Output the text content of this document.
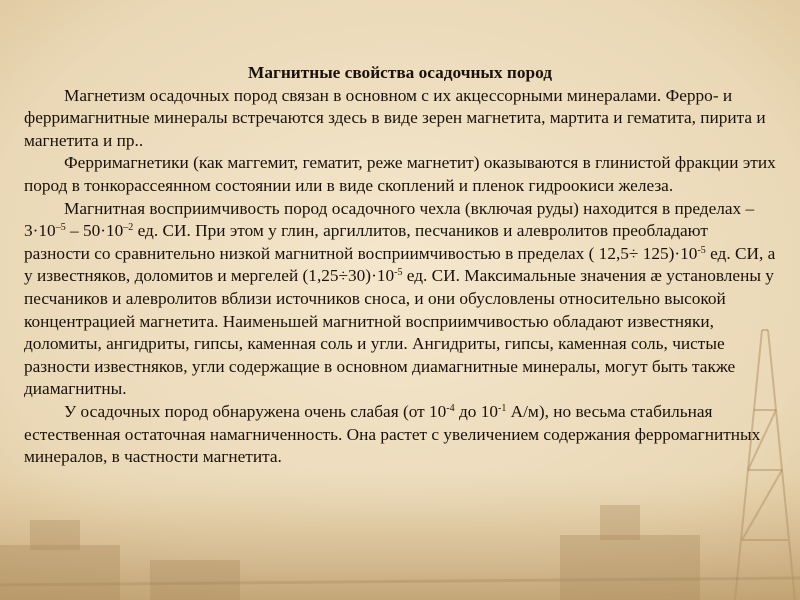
Магнитные свойства осадочных пород
Магнетизм осадочных пород связан в основном с их акцессорными минералами. Ферро- и ферримагнитные минералы встречаются здесь в виде зерен магнетита, мартита и гематита, пирита и магнетита и пр..
Ферримагнетики (как маггемит, гематит, реже магнетит) оказываются в глинистой фракции этих пород в тонкорассеянном состоянии или в виде скоплений и пленок гидроокиси железа.
Магнитная восприимчивость пород осадочного чехла (включая руды) находится в пределах – $3\cdot 10^{-5} - 50\cdot 10^{-2}$ ед. СИ. При этом у глин, аргиллитов, песчаников и алевролитов преобладают разности со сравнительно низкой магнитной восприимчивостью в пределах ( $12,5\div 125)\cdot 10^{-5}$ ед. СИ, а у известняков, доломитов и мергелей $(1,25\div 30)\cdot 10^{-5}$ ед. СИ. Максимальные значения æ установлены у песчаников и алевролитов вблизи источников сноса, и они обусловлены относительно высокой концентрацией магнетита. Наименьшей магнитной восприимчивостью обладают известняки, доломиты, ангидриты, гипсы, каменная соль и угли. Ангидриты, гипсы, каменная соль, чистые разности известняков, угли содержащие в основном диамагнитные минералы, могут быть также диамагнитны.
У осадочных пород обнаружена очень слабая (от $10^{-4}$ до $10^{-1}$ А/м), но весьма стабильная естественная остаточная намагниченность. Она растет с увеличением содержания ферромагнитных минералов, в частности магнетита.
